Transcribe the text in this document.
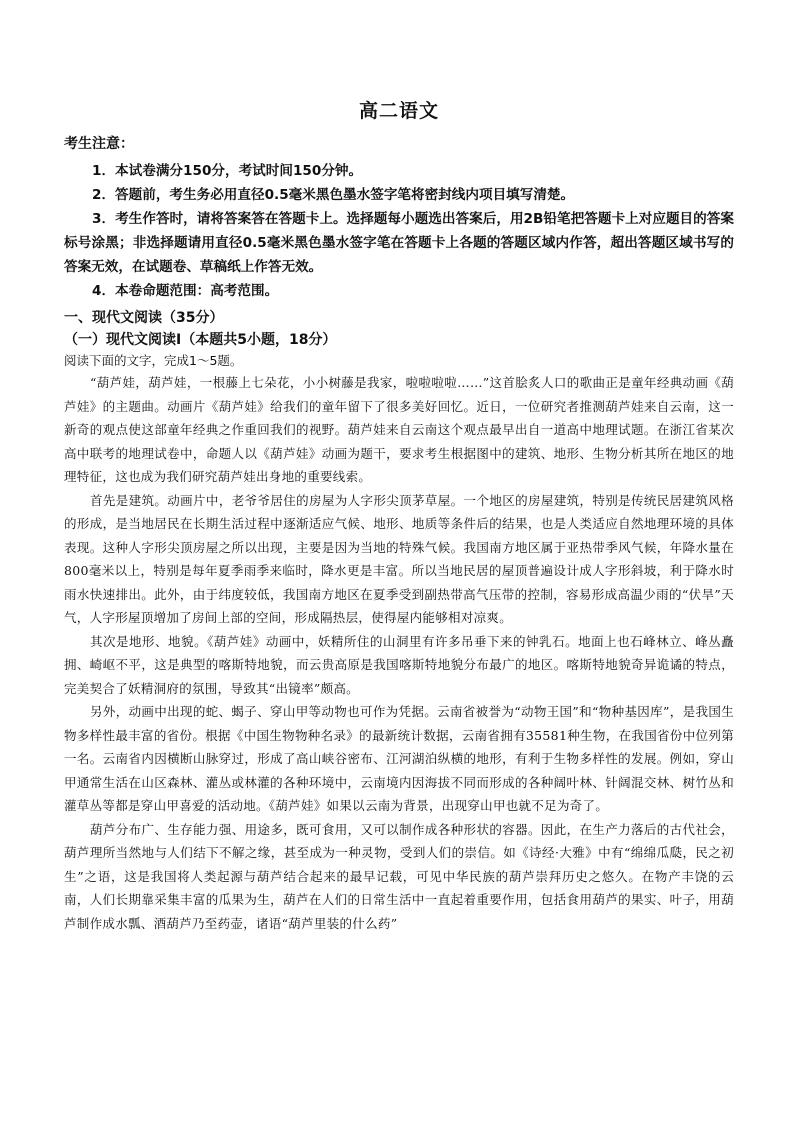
高二语文

考生注意：

1．本试卷满分150分，考试时间150分钟。

2．答题前，考生务必用直径0.5毫米黑色墨水签字笔将密封线内项目填写清楚。

3．考生作答时，请将答案答在答题卡上。选择题每小题选出答案后，用2B铅笔把答题卡上对应题目的答案标号涂黑；非选择题请用直径0.5毫米黑色墨水签字笔在答题卡上各题的答题区域内作答，超出答题区域书写的答案无效，在试题卷、草稿纸上作答无效。

4．本卷命题范围：高考范围。

一、现代文阅读（35分）

（一）现代文阅读Ⅰ（本题共5小题，18分）

阅读下面的文字，完成1～5题。

“葫芦娃，葫芦娃，一根藤上七朵花，小小树藤是我家，啦啦啦啦……”这首脍炙人口的歌曲正是童年经典动画《葫芦娃》的主题曲。动画片《葫芦娃》给我们的童年留下了很多美好回忆。近日，一位研究者推测葫芦娃来自云南，这一新奇的观点使这部童年经典之作重回我们的视野。葫芦娃来自云南这个观点最早出自一道高中地理试题。在浙江省某次高中联考的地理试卷中，命题人以《葫芦娃》动画为题干，要求考生根据图中的建筑、地形、生物分析其所在地区的地理特征，这也成为我们研究葫芦娃出身地的重要线索。

首先是建筑。动画片中，老爷爷居住的房屋为人字形尖顶茅草屋。一个地区的房屋建筑，特别是传统民居建筑风格的形成，是当地居民在长期生活过程中逐渐适应气候、地形、地质等条件后的结果，也是人类适应自然地理环境的具体表现。这种人字形尖顶房屋之所以出现，主要是因为当地的特殊气候。我国南方地区属于亚热带季风气候，年降水量在800毫米以上，特别是每年夏季雨季来临时，降水更是丰富。所以当地民居的屋顶普遍设计成人字形斜坡，利于降水时雨水快速排出。此外，由于纬度较低，我国南方地区在夏季受到副热带高气压带的控制，容易形成高温少雨的“伏旱”天气，人字形屋顶增加了房间上部的空间，形成隔热层，使得屋内能够相对凉爽。

其次是地形、地貌。《葫芦娃》动画中，妖精所住的山洞里有许多吊垂下来的钟乳石。地面上也石峰林立、峰丛矗拥、崎岖不平，这是典型的喀斯特地貌，而云贵高原是我国喀斯特地貌分布最广的地区。喀斯特地貌奇异诡谲的特点，完美契合了妖精洞府的氛围，导致其“出镜率”颇高。

另外，动画中出现的蛇、蝎子、穿山甲等动物也可作为凭据。云南省被誉为“动物王国”和“物种基因库”，是我国生物多样性最丰富的省份。根据《中国生物物种名录》的最新统计数据，云南省拥有35581种生物，在我国省份中位列第一名。云南省内因横断山脉穿过，形成了高山峡谷密布、江河湖泊纵横的地形，有利于生物多样性的发展。例如，穿山甲通常生活在山区森林、灌丛或林灌的各种环境中，云南境内因海拔不同而形成的各种阔叶林、针阔混交林、树竹丛和灌草丛等都是穿山甲喜爱的活动地。《葫芦娃》如果以云南为背景，出现穿山甲也就不足为奇了。

葫芦分布广、生存能力强、用途多，既可食用，又可以制作成各种形状的容器。因此，在生产力落后的古代社会，葫芦理所当然地与人们结下不解之缘，甚至成为一种灵物，受到人们的崇信。如《诗经·大雅》中有“绵绵瓜瓞，民之初生”之语，这是我国将人类起源与葫芦结合起来的最早记载，可见中华民族的葫芦崇拜历史之悠久。在物产丰饶的云南，人们长期靠采集丰富的瓜果为生，葫芦在人们的日常生活中一直起着重要作用，包括食用葫芦的果实、叶子，用葫芦制作成水瓢、酒葫芦乃至药壶，诸语“葫芦里装的什么药”
